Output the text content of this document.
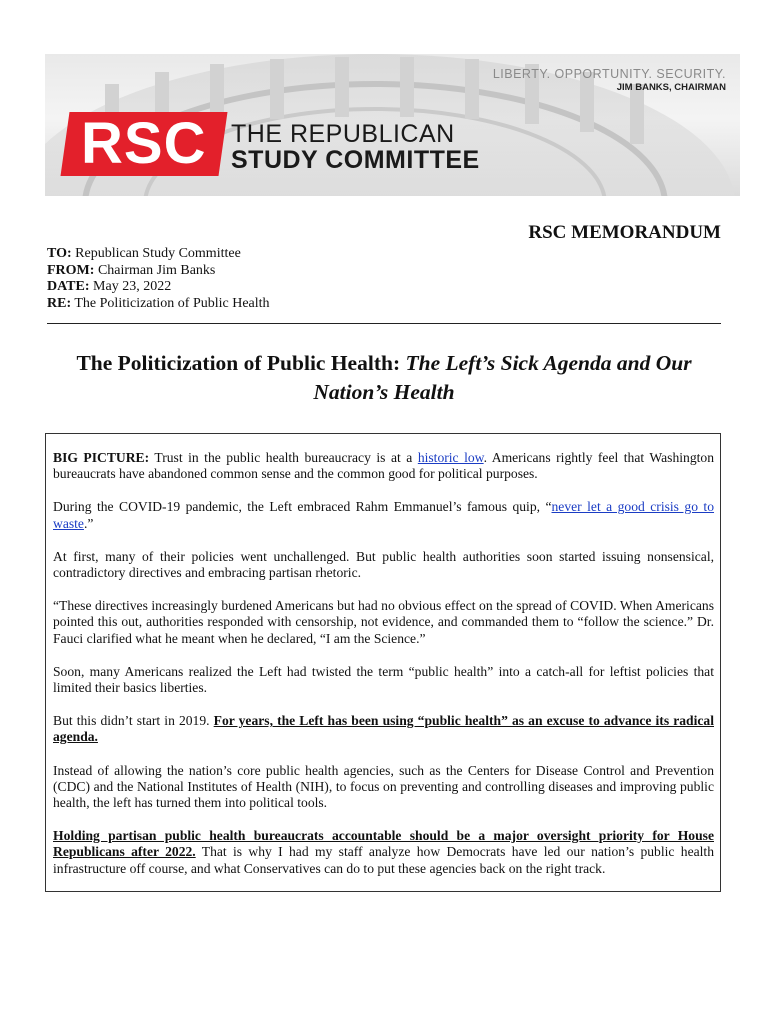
LIBERTY. OPPORTUNITY. SECURITY.
JIM BANKS, CHAIRMAN
RSC THE REPUBLICAN
STUDY COMMITTEE
RSC MEMORANDUM
TO: Republican Study Committee
FROM: Chairman Jim Banks
DATE: May 23, 2022
RE: The Politicization of Public Health
The Politicization of Public Health: The Left’s Sick Agenda and Our Nation’s Health

BIG PICTURE: Trust in the public health bureaucracy is at a historic low. Americans rightly feel that Washington bureaucrats have abandoned common sense and the common good for political purposes.

During the COVID-19 pandemic, the Left embraced Rahm Emmanuel’s famous quip, “never let a good crisis go to waste.”

At first, many of their policies went unchallenged. But public health authorities soon started issuing nonsensical, contradictory directives and embracing partisan rhetoric.

“These directives increasingly burdened Americans but had no obvious effect on the spread of COVID. When Americans pointed this out, authorities responded with censorship, not evidence, and commanded them to “follow the science.” Dr. Fauci clarified what he meant when he declared, “I am the Science.”

Soon, many Americans realized the Left had twisted the term “public health” into a catch-all for leftist policies that limited their basics liberties.

But this didn’t start in 2019. For years, the Left has been using “public health” as an excuse to advance its radical agenda.

Instead of allowing the nation’s core public health agencies, such as the Centers for Disease Control and Prevention (CDC) and the National Institutes of Health (NIH), to focus on preventing and controlling diseases and improving public health, the left has turned them into political tools.

Holding partisan public health bureaucrats accountable should be a major oversight priority for House Republicans after 2022. That is why I had my staff analyze how Democrats have led our nation’s public health infrastructure off course, and what Conservatives can do to put these agencies back on the right track.
